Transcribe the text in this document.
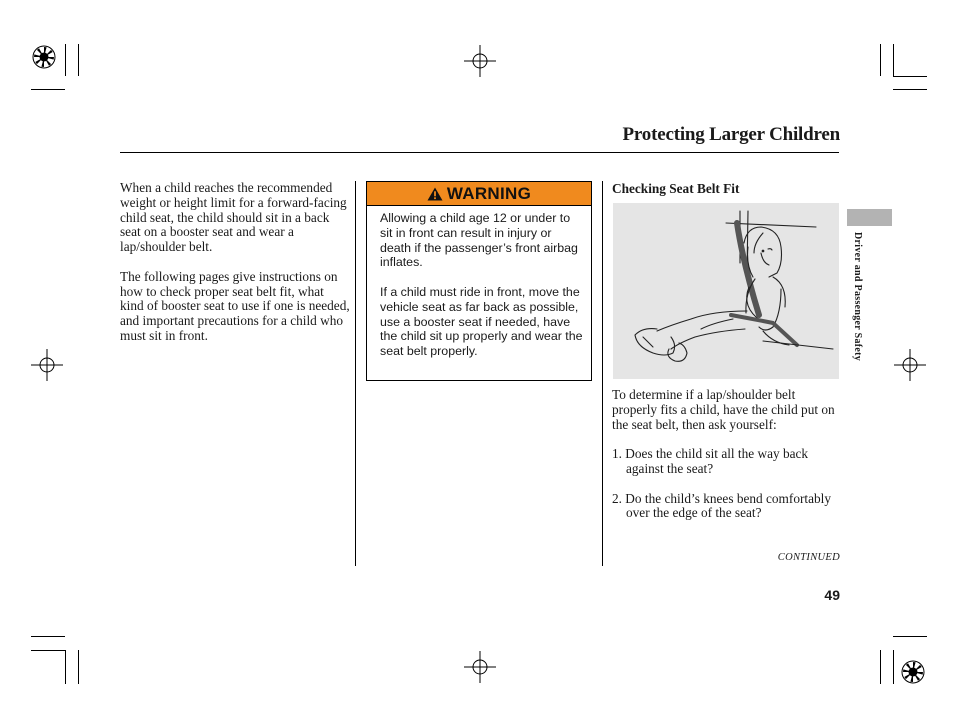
Protecting Larger Children

When a child reaches the recommended weight or height limit for a forward-facing child seat, the child should sit in a back seat on a booster seat and wear a lap/shoulder belt.

The following pages give instructions on how to check proper seat belt fit, what kind of booster seat to use if one is needed, and important precautions for a child who must sit in front.

WARNING

Allowing a child age 12 or under to sit in front can result in injury or death if the passenger’s front airbag inflates.

If a child must ride in front, move the vehicle seat as far back as possible, use a booster seat if needed, have the child sit up properly and wear the seat belt properly.

Checking Seat Belt Fit

To determine if a lap/shoulder belt properly fits a child, have the child put on the seat belt, then ask yourself:

1. Does the child sit all the way back against the seat?
2. Do the child’s knees bend comfortably over the edge of the seat?
CONTINUED
49
Driver and Passenger Safety
